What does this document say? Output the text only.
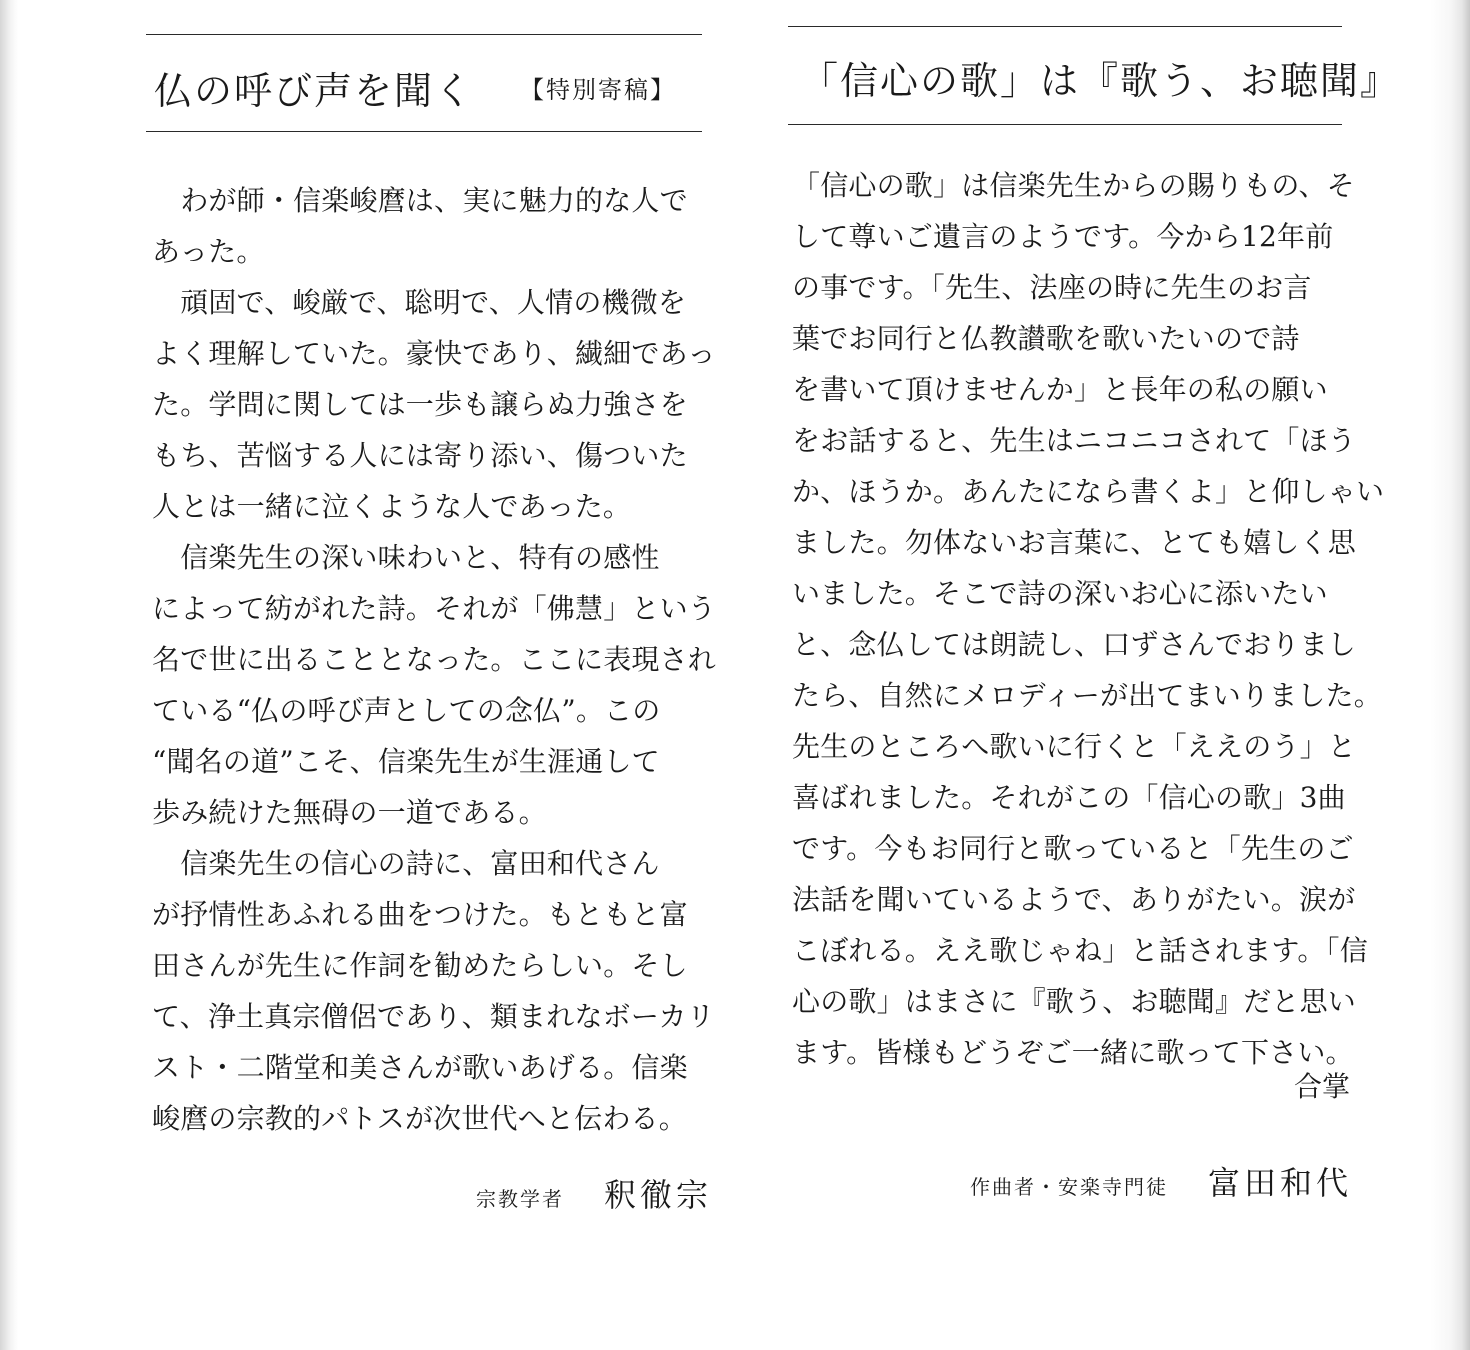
仏の呼び声を聞く 【特別寄稿】

　わが師・信楽峻麿は、実に魅力的な人で

あった。

　頑固で、峻厳で、聡明で、人情の機微を

よく理解していた。豪快であり、繊細であっ

た。学問に関しては一歩も譲らぬ力強さを

もち、苦悩する人には寄り添い、傷ついた

人とは一緒に泣くような人であった。

　信楽先生の深い味わいと、特有の感性

によって紡がれた詩。それが「佛慧」という

名で世に出ることとなった。ここに表現され

ている“仏の呼び声としての念仏”。この

“聞名の道”こそ、信楽先生が生涯通して

歩み続けた無碍の一道である。

　信楽先生の信心の詩に、富田和代さん

が抒情性あふれる曲をつけた。もともと富

田さんが先生に作詞を勧めたらしい。そし

て、浄土真宗僧侶であり、類まれなボーカリ

スト・二階堂和美さんが歌いあげる。信楽

峻麿の宗教的パトスが次世代へと伝わる。

宗教学者 釈徹宗
「信心の歌」は『歌う、お聴聞』

「信心の歌」は信楽先生からの賜りもの、そ

して尊いご遺言のようです。今から12年前

の事です。「先生、法座の時に先生のお言

葉でお同行と仏教讃歌を歌いたいので詩

を書いて頂けませんか」と長年の私の願い

をお話すると、先生はニコニコされて「ほう

か、ほうか。あんたになら書くよ」と仰しゃい

ました。勿体ないお言葉に、とても嬉しく思

いました。そこで詩の深いお心に添いたい

と、念仏しては朗読し、口ずさんでおりまし

たら、自然にメロディーが出てまいりました。

先生のところへ歌いに行くと「ええのう」と

喜ばれました。それがこの「信心の歌」3曲

です。今もお同行と歌っていると「先生のご

法話を聞いているようで、ありがたい。涙が

こぼれる。ええ歌じゃね」と話されます。「信

心の歌」はまさに『歌う、お聴聞』だと思い

ます。皆様もどうぞご一緒に歌って下さい。

合掌
作曲者・安楽寺門徒 富田和代
